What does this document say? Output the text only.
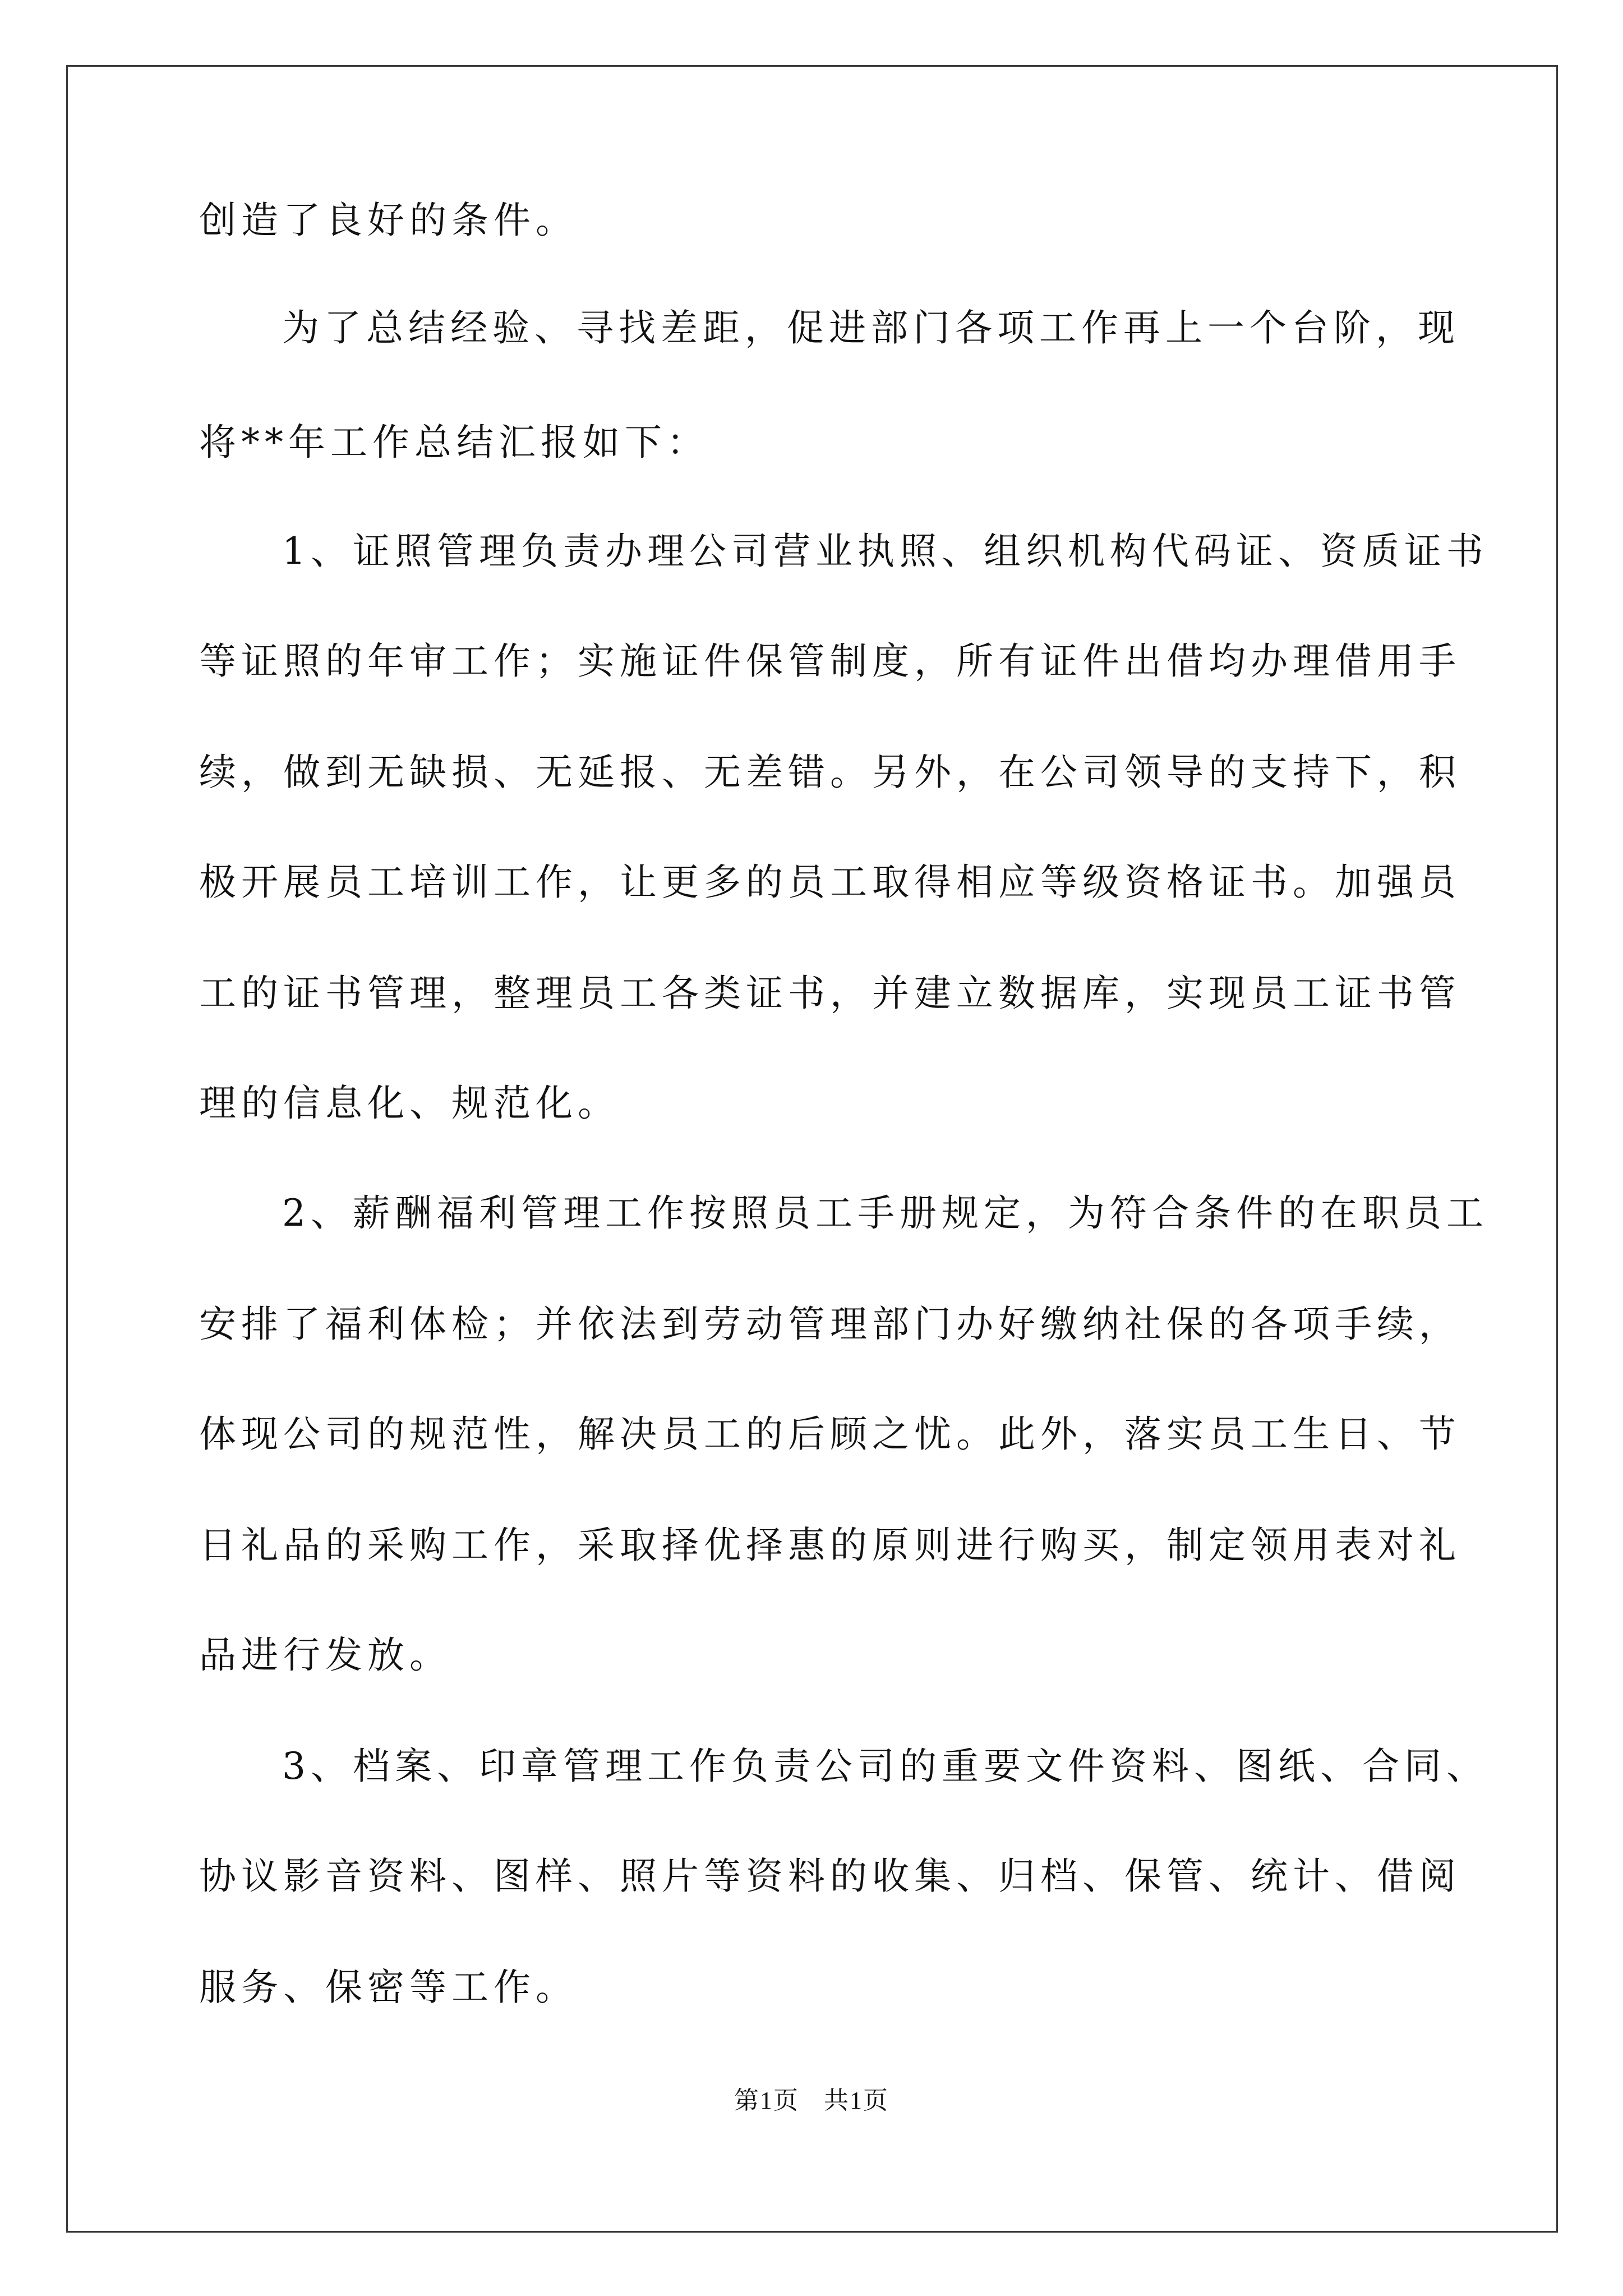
创造了良好的条件。

为了总结经验、寻找差距，促进部门各项工作再上一个台阶，现

将**年工作总结汇报如下：

1、证照管理负责办理公司营业执照、组织机构代码证、资质证书

等证照的年审工作；实施证件保管制度，所有证件出借均办理借用手

续，做到无缺损、无延报、无差错。另外，在公司领导的支持下，积

极开展员工培训工作，让更多的员工取得相应等级资格证书。加强员

工的证书管理，整理员工各类证书，并建立数据库，实现员工证书管

理的信息化、规范化。

2、薪酬福利管理工作按照员工手册规定，为符合条件的在职员工

安排了福利体检；并依法到劳动管理部门办好缴纳社保的各项手续，

体现公司的规范性，解决员工的后顾之忧。此外，落实员工生日、节

日礼品的采购工作，采取择优择惠的原则进行购买，制定领用表对礼

品进行发放。

3、档案、印章管理工作负责公司的重要文件资料、图纸、合同、

协议影音资料、图样、照片等资料的收集、归档、保管、统计、借阅

服务、保密等工作。

第1页 共1页
